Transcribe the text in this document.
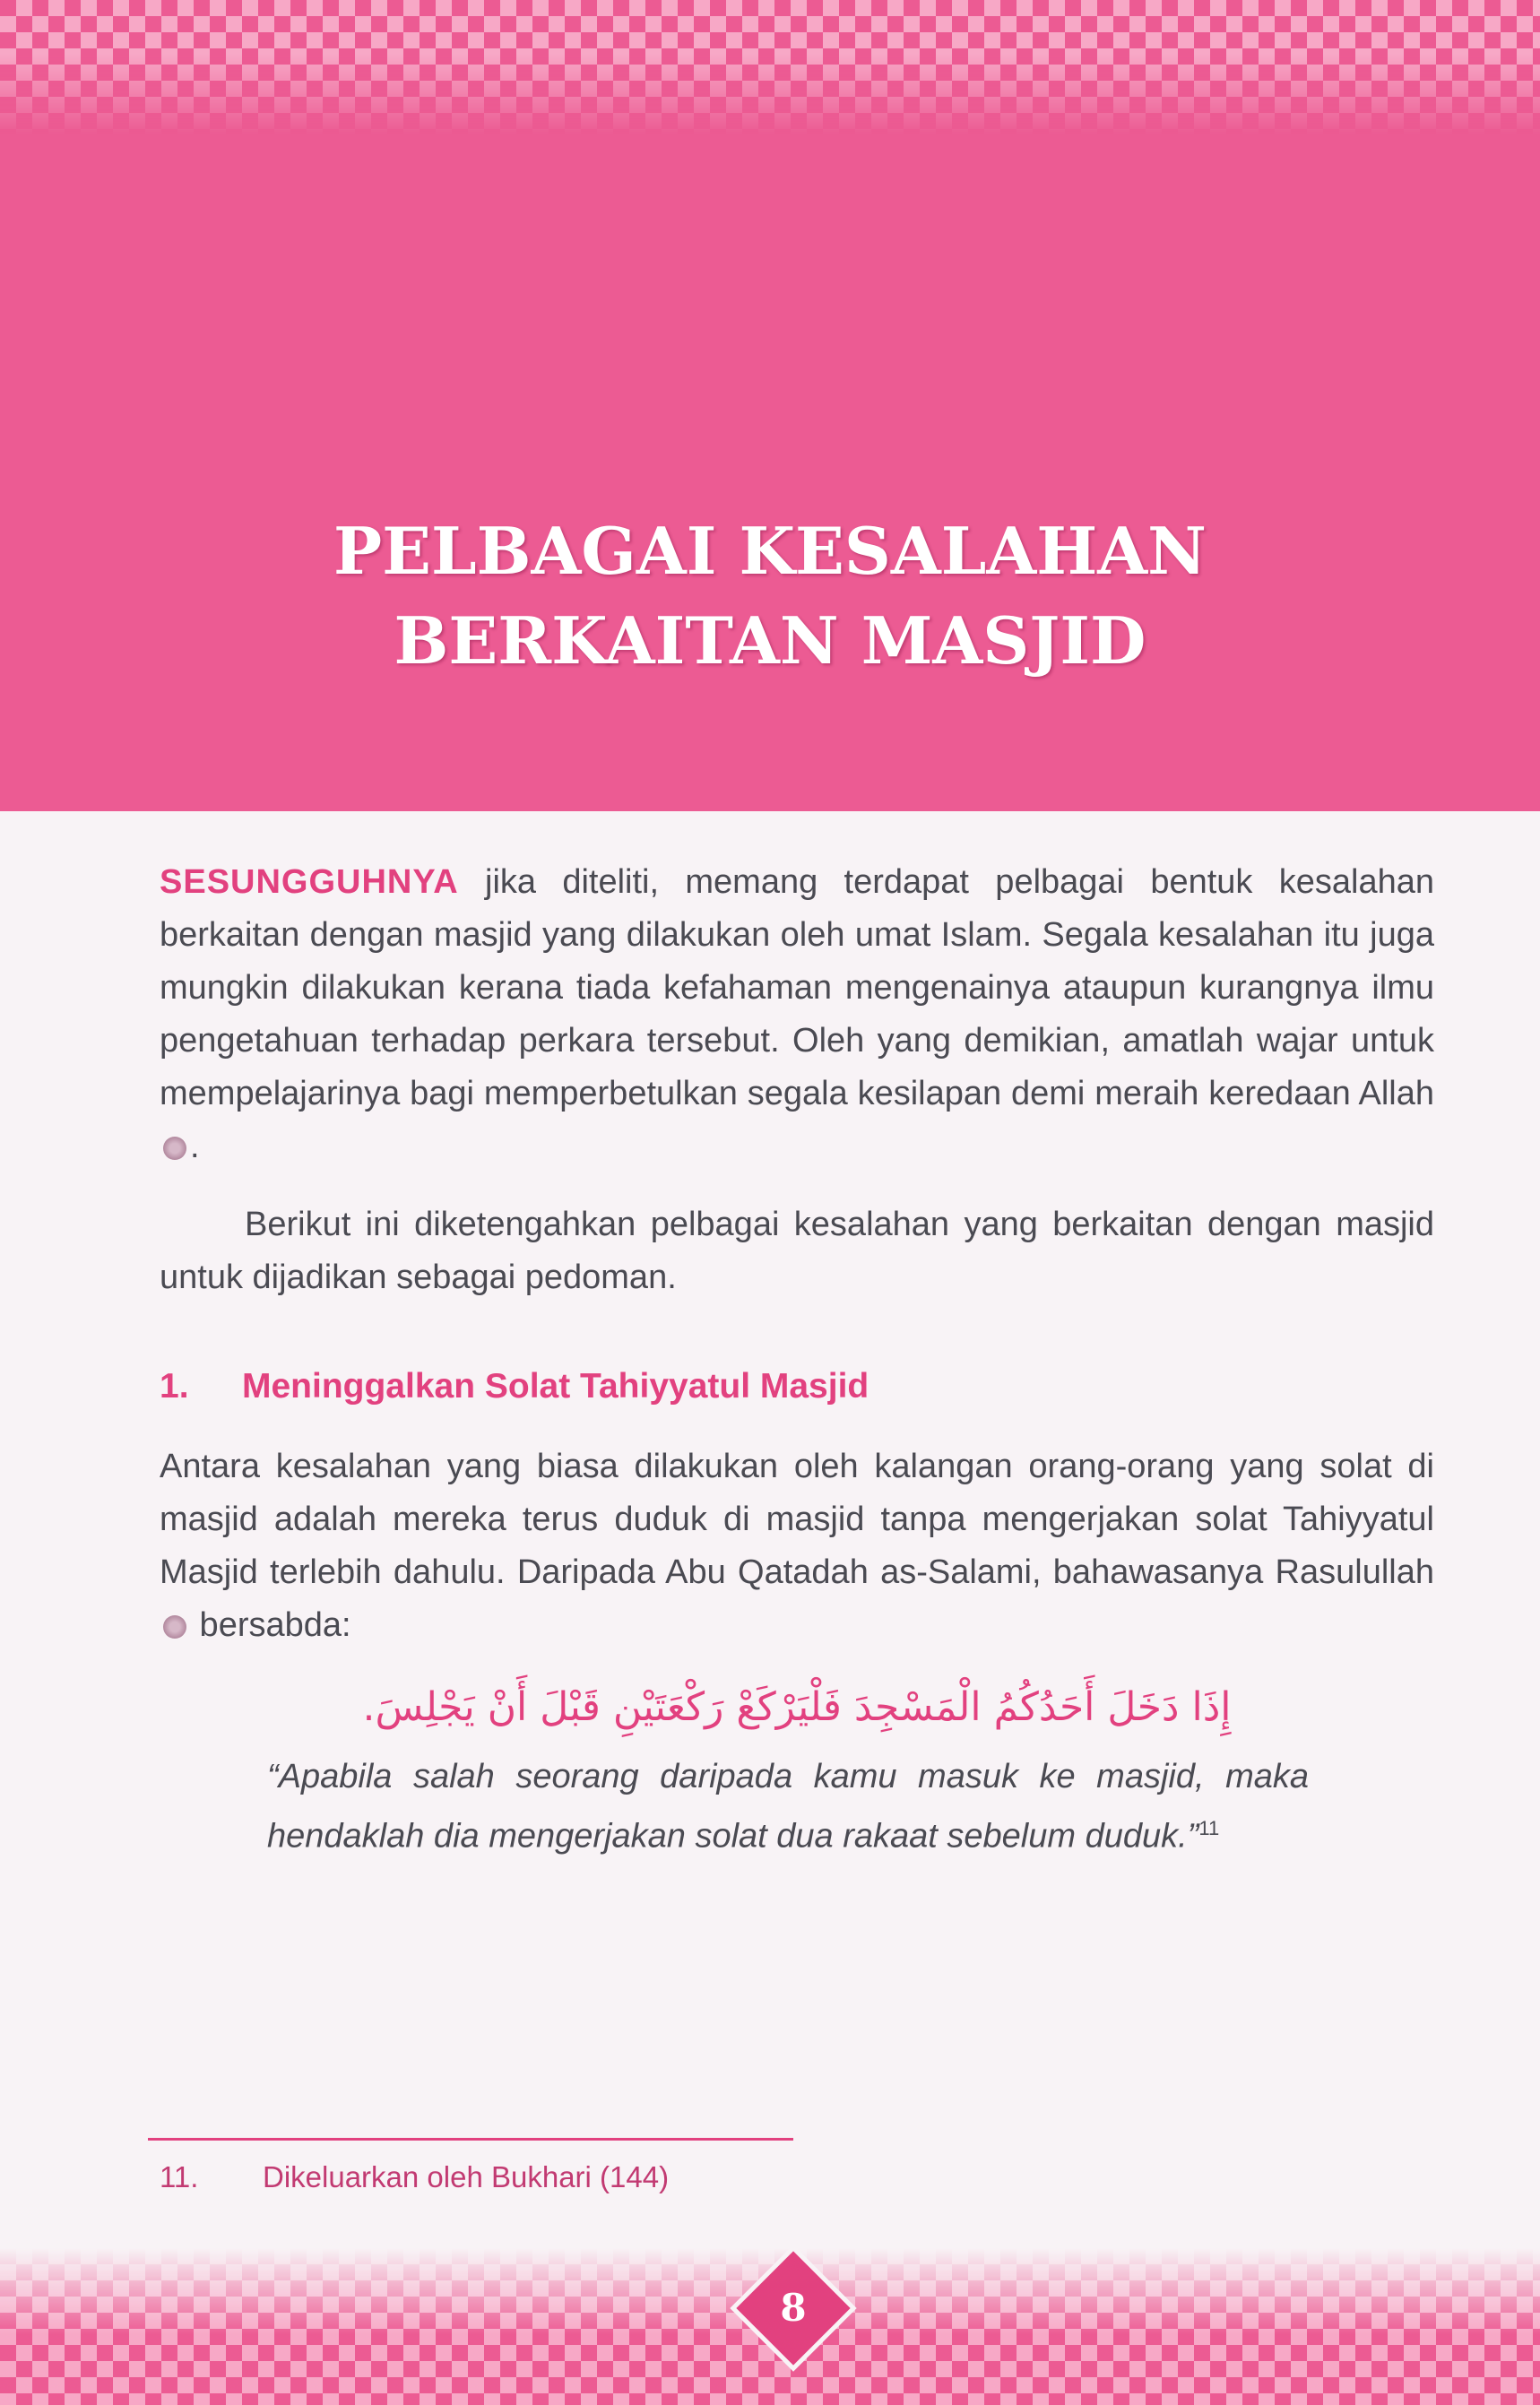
PELBAGAI KESALAHAN
BERKAITAN MASJID

SESUNGGUHNYA jika diteliti, memang terdapat pelbagai bentuk kesalahan berkaitan dengan masjid yang dilakukan oleh umat Islam. Segala kesalahan itu juga mungkin dilakukan kerana tiada kefahaman mengenainya ataupun kurangnya ilmu pengetahuan terhadap perkara tersebut. Oleh yang demikian, amatlah wajar untuk mempelajarinya bagi memperbetulkan segala kesilapan demi meraih keredaan Allah .

Berikut ini diketengahkan pelbagai kesalahan yang berkaitan dengan masjid untuk dijadikan sebagai pedoman.

1. Meninggalkan Solat Tahiyyatul Masjid

Antara kesalahan yang biasa dilakukan oleh kalangan orang-orang yang solat di masjid adalah mereka terus duduk di masjid tanpa mengerjakan solat Tahiyyatul Masjid terlebih dahulu. Daripada Abu Qatadah as-Salami, bahawasanya Rasulullah  bersabda:

إِذَا دَخَلَ أَحَدُكُمُ الْمَسْجِدَ فَلْيَرْكَعْ رَكْعَتَيْنِ قَبْلَ أَنْ يَجْلِسَ.

“Apabila salah seorang daripada kamu masuk ke masjid, maka hendaklah dia mengerjakan solat dua rakaat sebelum duduk.”$^{11}$

11. Dikeluarkan oleh Bukhari (144)
8
